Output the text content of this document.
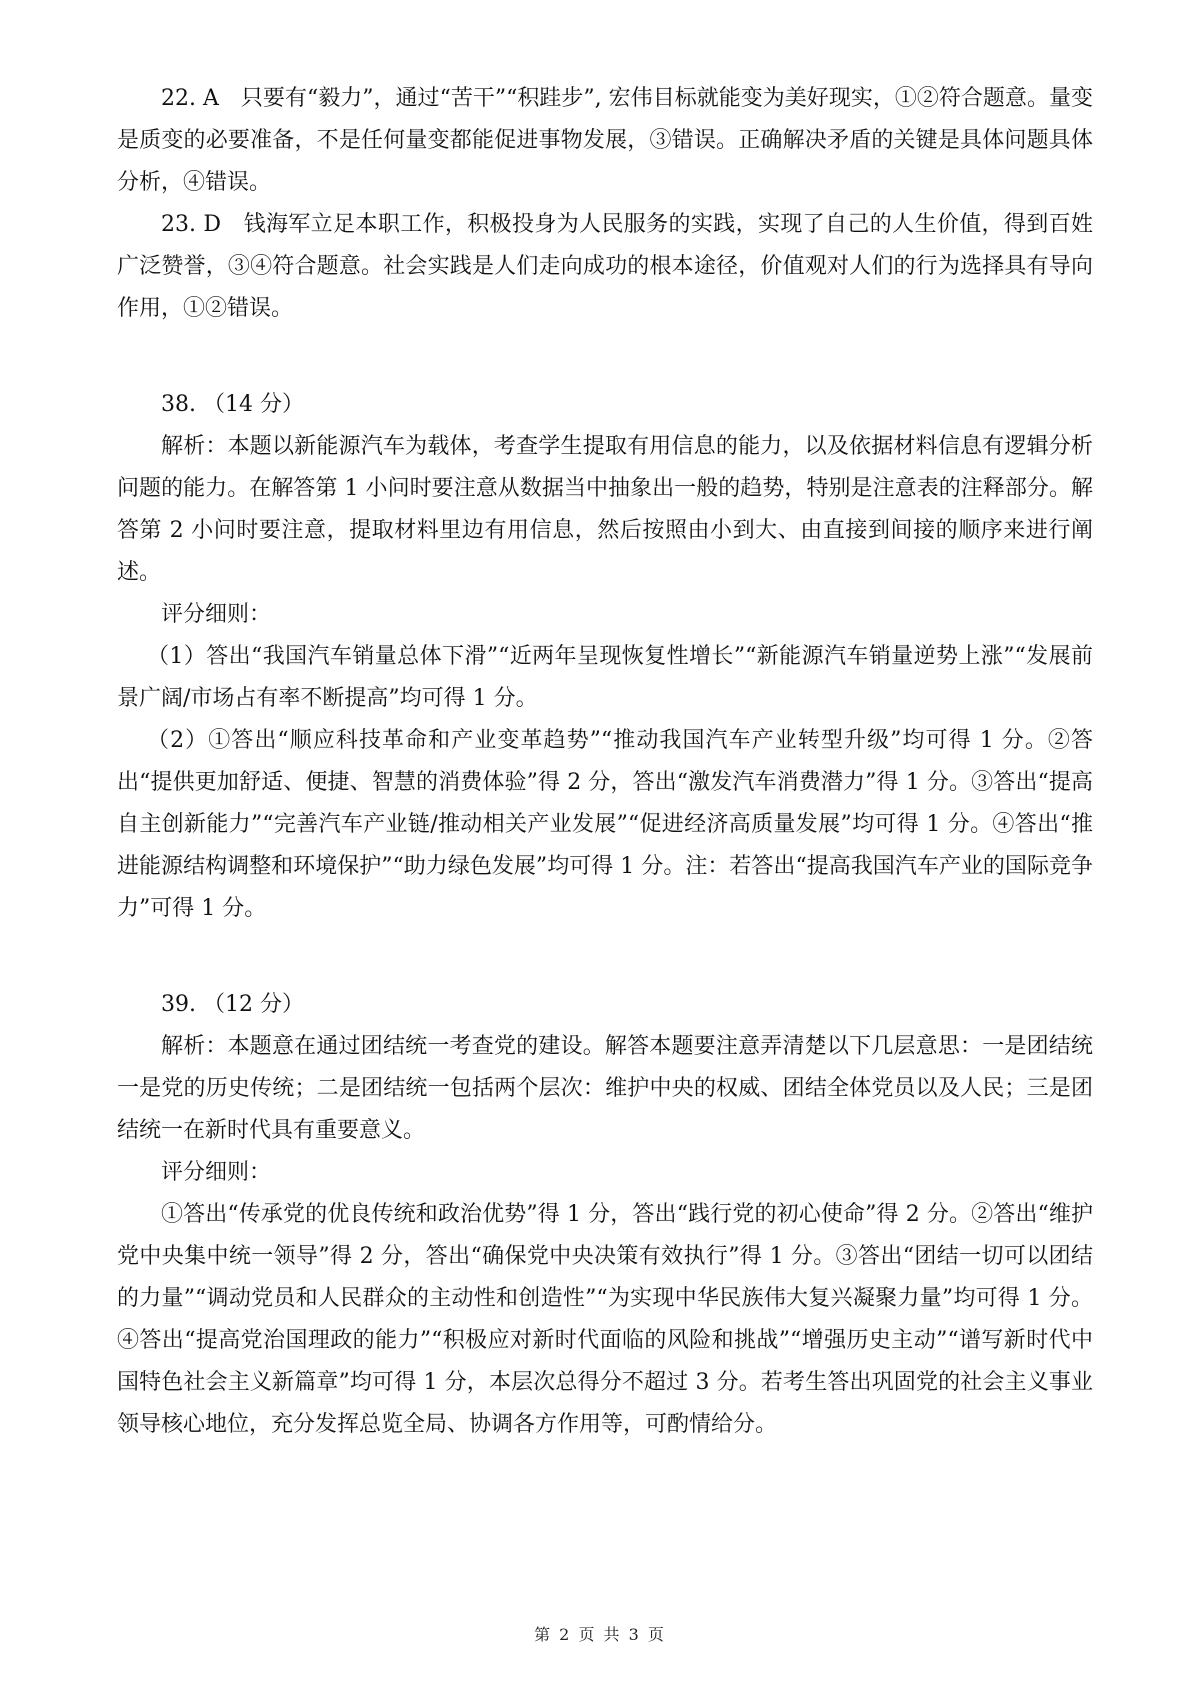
22. A　只要有“毅力”，通过“苦干”“积跬步”, 宏伟目标就能变为美好现实，①②符合题意。量变是质变的必要准备，不是任何量变都能促进事物发展，③错误。正确解决矛盾的关键是具体问题具体分析，④错误。

23. D　钱海军立足本职工作，积极投身为人民服务的实践，实现了自己的人生价值，得到百姓广泛赞誉，③④符合题意。社会实践是人们走向成功的根本途径，价值观对人们的行为选择具有导向作用，①②错误。

38. （14 分）

解析：本题以新能源汽车为载体，考查学生提取有用信息的能力，以及依据材料信息有逻辑分析问题的能力。在解答第 1 小问时要注意从数据当中抽象出一般的趋势，特别是注意表的注释部分。解答第 2 小问时要注意，提取材料里边有用信息，然后按照由小到大、由直接到间接的顺序来进行阐述。

评分细则：

（1）答出“我国汽车销量总体下滑”“近两年呈现恢复性增长”“新能源汽车销量逆势上涨”“发展前景广阔/市场占有率不断提高”均可得 1 分。

（2）①答出“顺应科技革命和产业变革趋势”“推动我国汽车产业转型升级”均可得 1 分。②答出“提供更加舒适、便捷、智慧的消费体验”得 2 分，答出“激发汽车消费潜力”得 1 分。③答出“提高自主创新能力”“完善汽车产业链/推动相关产业发展”“促进经济高质量发展”均可得 1 分。④答出“推进能源结构调整和环境保护”“助力绿色发展”均可得 1 分。注：若答出“提高我国汽车产业的国际竞争力”可得 1 分。

39. （12 分）

解析：本题意在通过团结统一考查党的建设。解答本题要注意弄清楚以下几层意思：一是团结统一是党的历史传统；二是团结统一包括两个层次：维护中央的权威、团结全体党员以及人民；三是团结统一在新时代具有重要意义。

评分细则：

①答出“传承党的优良传统和政治优势”得 1 分，答出“践行党的初心使命”得 2 分。②答出“维护党中央集中统一领导”得 2 分，答出“确保党中央决策有效执行”得 1 分。③答出“团结一切可以团结的力量”“调动党员和人民群众的主动性和创造性”“为实现中华民族伟大复兴凝聚力量”均可得 1 分。④答出“提高党治国理政的能力”“积极应对新时代面临的风险和挑战”“增强历史主动”“谱写新时代中国特色社会主义新篇章”均可得 1 分，本层次总得分不超过 3 分。若考生答出巩固党的社会主义事业领导核心地位，充分发挥总览全局、协调各方作用等，可酌情给分。

第 2 页 共 3 页
